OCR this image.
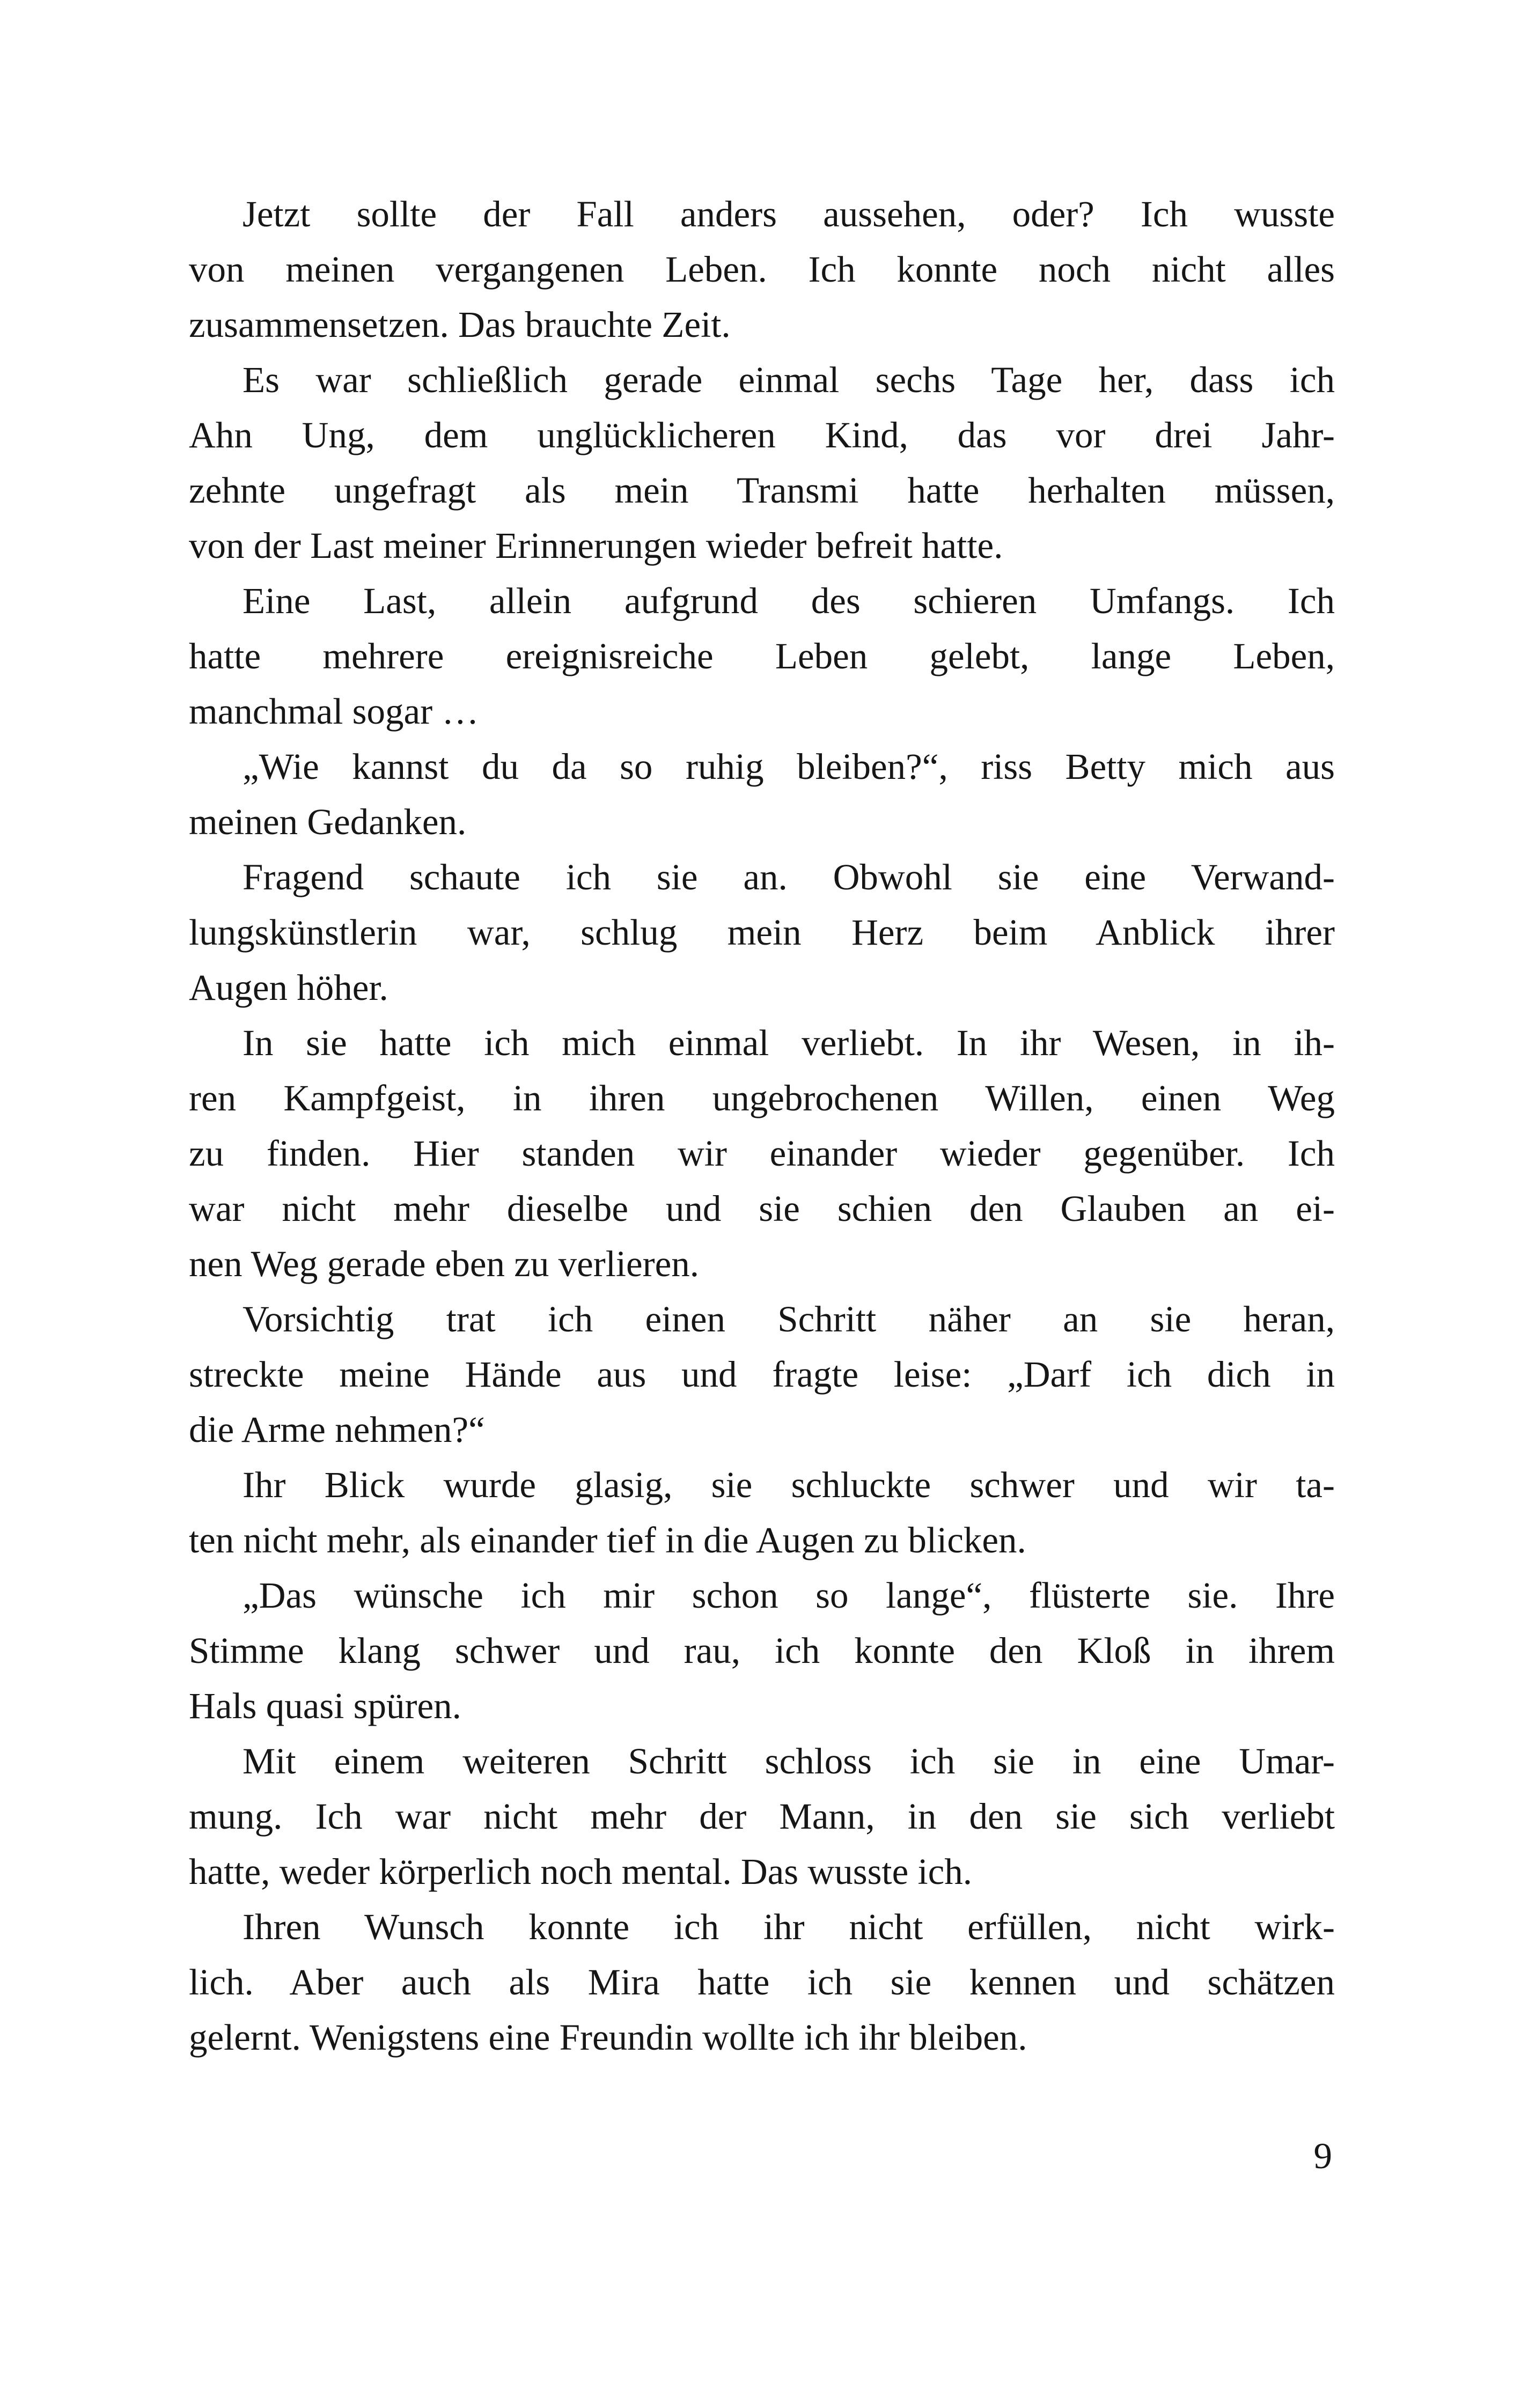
Jetzt sollte der Fall anders aussehen, oder? Ich wusste
von meinen vergangenen Leben. Ich konnte noch nicht alles
zusammensetzen. Das brauchte Zeit.
Es war schließlich gerade einmal sechs Tage her, dass ich
Ahn Ung, dem unglücklicheren Kind, das vor drei Jahr-
zehnte ungefragt als mein Transmi hatte herhalten müssen,
von der Last meiner Erinnerungen wieder befreit hatte.
Eine Last, allein aufgrund des schieren Umfangs. Ich
hatte mehrere ereignisreiche Leben gelebt, lange Leben,
manchmal sogar …
„Wie kannst du da so ruhig bleiben?“, riss Betty mich aus
meinen Gedanken.
Fragend schaute ich sie an. Obwohl sie eine Verwand-
lungskünstlerin war, schlug mein Herz beim Anblick ihrer
Augen höher.
In sie hatte ich mich einmal verliebt. In ihr Wesen, in ih-
ren Kampfgeist, in ihren ungebrochenen Willen, einen Weg
zu finden. Hier standen wir einander wieder gegenüber. Ich
war nicht mehr dieselbe und sie schien den Glauben an ei-
nen Weg gerade eben zu verlieren.
Vorsichtig trat ich einen Schritt näher an sie heran,
streckte meine Hände aus und fragte leise: „Darf ich dich in
die Arme nehmen?“
Ihr Blick wurde glasig, sie schluckte schwer und wir ta-
ten nicht mehr, als einander tief in die Augen zu blicken.
„Das wünsche ich mir schon so lange“, flüsterte sie. Ihre
Stimme klang schwer und rau, ich konnte den Kloß in ihrem
Hals quasi spüren.
Mit einem weiteren Schritt schloss ich sie in eine Umar-
mung. Ich war nicht mehr der Mann, in den sie sich verliebt
hatte, weder körperlich noch mental. Das wusste ich.
Ihren Wunsch konnte ich ihr nicht erfüllen, nicht wirk-
lich. Aber auch als Mira hatte ich sie kennen und schätzen
gelernt. Wenigstens eine Freundin wollte ich ihr bleiben.
9
